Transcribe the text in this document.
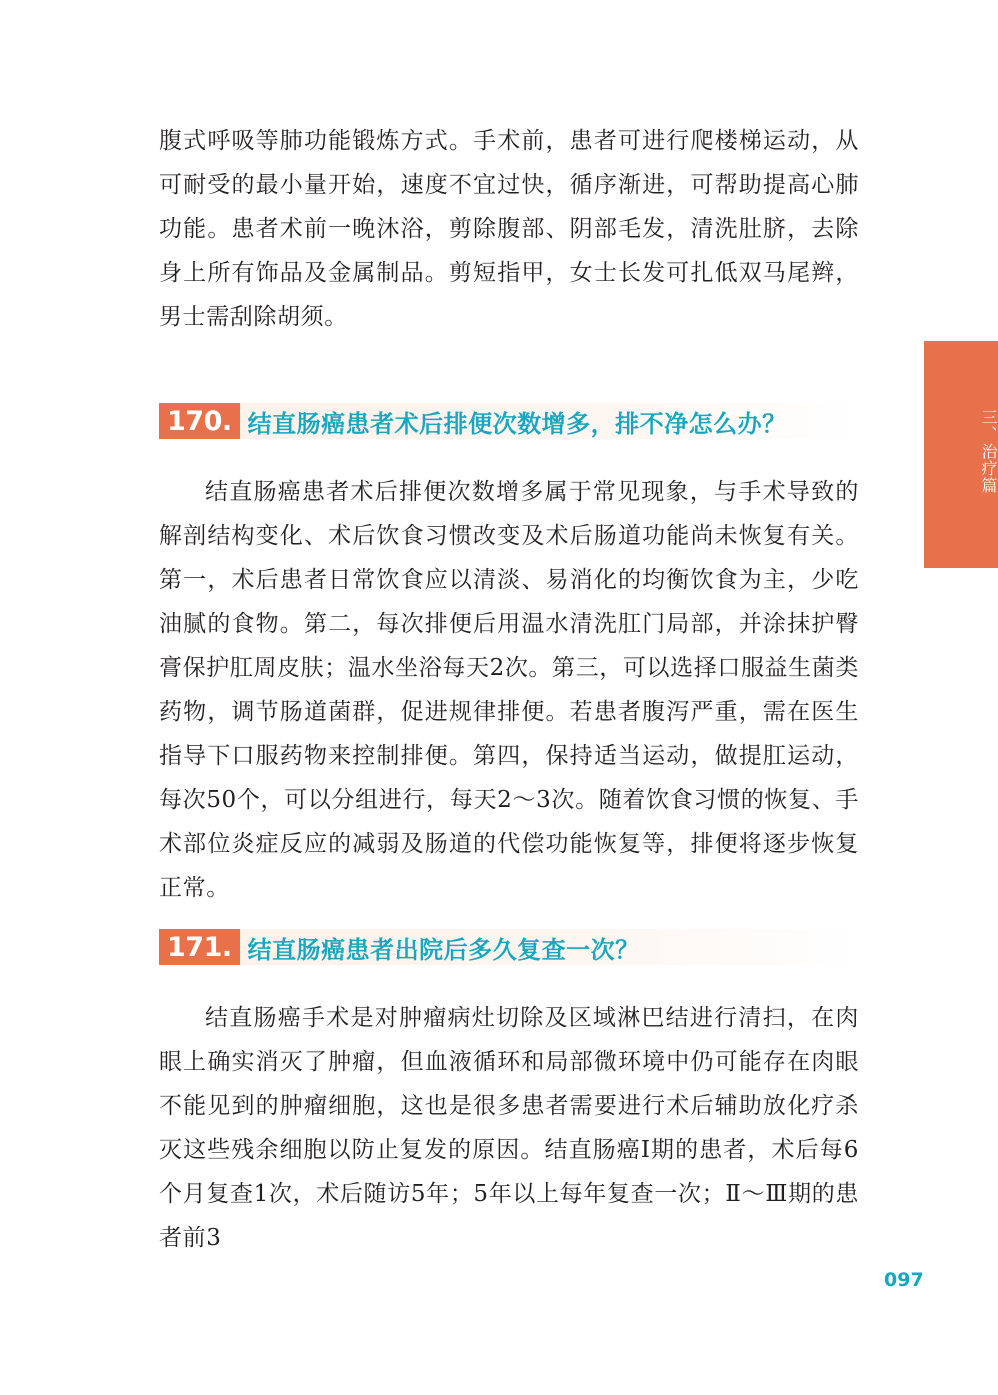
腹式呼吸等肺功能锻炼方式。手术前，患者可进行爬楼梯运动，从可耐受的最小量开始，速度不宜过快，循序渐进，可帮助提高心肺功能。患者术前一晚沐浴，剪除腹部、阴部毛发，清洗肚脐，去除身上所有饰品及金属制品。剪短指甲，女士长发可扎低双马尾辫，男士需刮除胡须。

170. 结直肠癌患者术后排便次数增多，排不净怎么办？

结直肠癌患者术后排便次数增多属于常见现象，与手术导致的解剖结构变化、术后饮食习惯改变及术后肠道功能尚未恢复有关。第一，术后患者日常饮食应以清淡、易消化的均衡饮食为主，少吃油腻的食物。第二，每次排便后用温水清洗肛门局部，并涂抹护臀膏保护肛周皮肤；温水坐浴每天2次。第三，可以选择口服益生菌类药物，调节肠道菌群，促进规律排便。若患者腹泻严重，需在医生指导下口服药物来控制排便。第四，保持适当运动，做提肛运动，每次50个，可以分组进行，每天2～3次。随着饮食习惯的恢复、手术部位炎症反应的减弱及肠道的代偿功能恢复等，排便将逐步恢复正常。

171. 结直肠癌患者出院后多久复查一次？

结直肠癌手术是对肿瘤病灶切除及区域淋巴结进行清扫，在肉眼上确实消灭了肿瘤，但血液循环和局部微环境中仍可能存在肉眼不能见到的肿瘤细胞，这也是很多患者需要进行术后辅助放化疗杀灭这些残余细胞以防止复发的原因。结直肠癌Ⅰ期的患者，术后每6个月复查1次，术后随访5年；5年以上每年复查一次；Ⅱ～Ⅲ期的患者前3

三、治疗篇
097
